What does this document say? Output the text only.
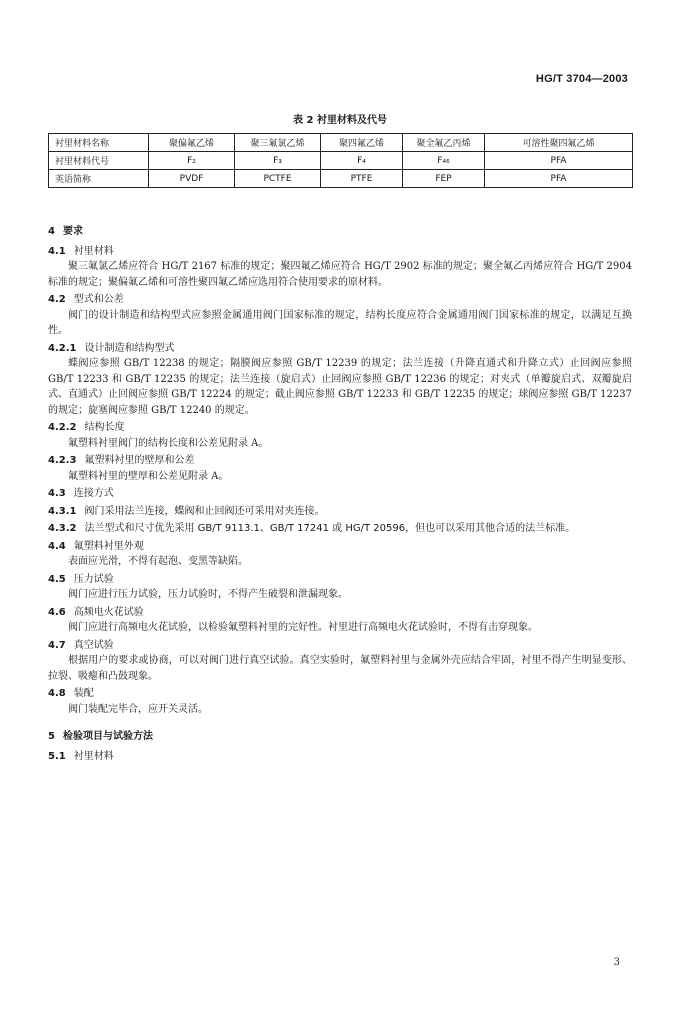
HG/T 3704—2003
表 2 衬里材料及代号
衬里材料名称	聚偏氟乙烯	聚三氟氯乙烯	聚四氟乙烯	聚全氟乙丙烯	可溶性聚四氟乙烯
衬里材料代号	F₂	F₃	F₄	F₄₆	PFA
英语简称	PVDF	PCTFE	PTFE	FEP	PFA
4 要求
4.1 衬里材料

聚三氟氯乙烯应符合 HG/T 2167 标准的规定；聚四氟乙烯应符合 HG/T 2902 标准的规定；聚全氟乙丙烯应符合 HG/T 2904 标准的规定；聚偏氟乙烯和可溶性聚四氟乙烯应选用符合使用要求的原材料。

4.2 型式和公差

阀门的设计制造和结构型式应参照金属通用阀门国家标准的规定，结构长度应符合金属通用阀门国家标准的规定，以满足互换性。

4.2.1 设计制造和结构型式

蝶阀应参照 GB/T 12238 的规定；隔膜阀应参照 GB/T 12239 的规定；法兰连接（升降直通式和升降立式）止回阀应参照 GB/T 12233 和 GB/T 12235 的规定；法兰连接（旋启式）止回阀应参照 GB/T 12236 的规定；对夹式（单瓣旋启式、双瓣旋启式、直通式）止回阀应参照 GB/T 12224 的规定；截止阀应参照 GB/T 12233 和 GB/T 12235 的规定；球阀应参照 GB/T 12237 的规定；旋塞阀应参照 GB/T 12240 的规定。

4.2.2 结构长度

氟塑料衬里阀门的结构长度和公差见附录 A。

4.2.3 氟塑料衬里的壁厚和公差

氟塑料衬里的壁厚和公差见附录 A。

4.3 连接方式
4.3.1 阀门采用法兰连接，蝶阀和止回阀还可采用对夹连接。
4.3.2 法兰型式和尺寸优先采用 GB/T 9113.1、GB/T 17241 或 HG/T 20596，但也可以采用其他合适的法兰标准。
4.4 氟塑料衬里外观

表面应光滑，不得有起泡、变黑等缺陷。

4.5 压力试验

阀门应进行压力试验，压力试验时，不得产生破裂和泄漏现象。

4.6 高频电火花试验

阀门应进行高频电火花试验，以检验氟塑料衬里的完好性。衬里进行高频电火花试验时，不得有击穿现象。

4.7 真空试验

根据用户的要求或协商，可以对阀门进行真空试验。真空实验时，氟塑料衬里与金属外壳应结合牢固，衬里不得产生明显变形、拉裂、吸瘪和凸鼓现象。

4.8 装配

阀门装配完毕合，应开关灵活。

5 检验项目与试验方法
5.1 衬里材料
3
